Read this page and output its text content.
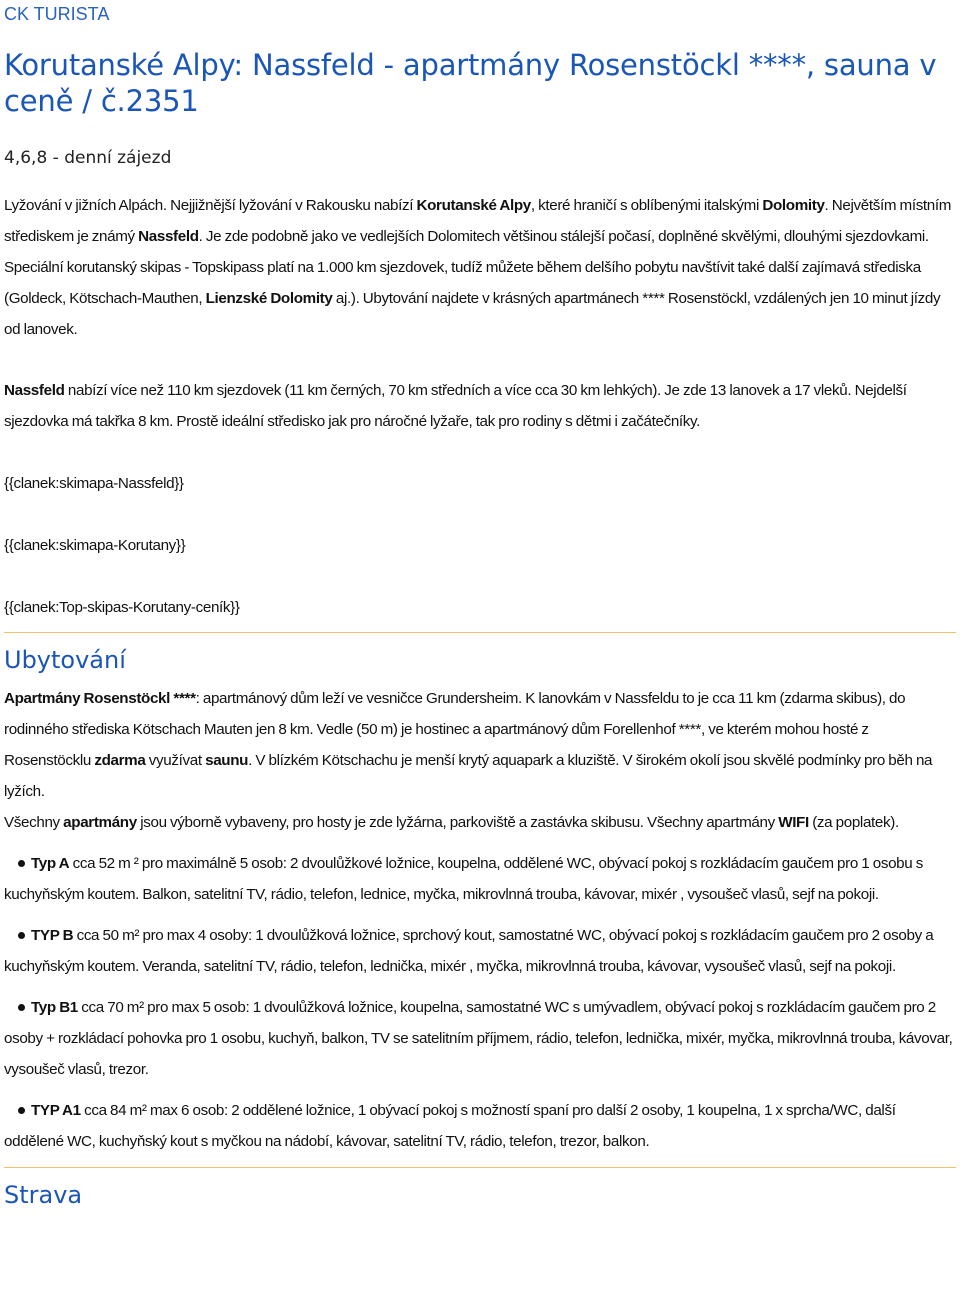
CK TURISTA
Korutanské Alpy: Nassfeld - apartmány Rosenstöckl ****, sauna v ceně / č.2351
4,6,8 - denní zájezd

Lyžování v jižních Alpách. Nejjižnější lyžování v Rakousku nabízí Korutanské Alpy, které hraničí s oblíbenými italskými Dolomity. Největším místním střediskem je známý Nassfeld. Je zde podobně jako ve vedlejších Dolomitech většinou stálejší počasí, doplněné skvělými, dlouhými sjezdovkami. Speciální korutanský skipas - Topskipass platí na 1.000 km sjezdovek, tudíž můžete během delšího pobytu navštívit také další zajímavá střediska (Goldeck, Kötschach-Mauthen, Lienzské Dolomity aj.). Ubytování najdete v krásných apartmánech **** Rosenstöckl, vzdálených jen 10 minut jízdy od lanovek.

Nassfeld nabízí více než 110 km sjezdovek (11 km černých, 70 km středních a více cca 30 km lehkých). Je zde 13 lanovek a 17 vleků. Nejdelší sjezdovka má takřka 8 km. Prostě ideální středisko jak pro náročné lyžaře, tak pro rodiny s dětmi i začátečníky.

{{clanek:skimapa-Nassfeld}}
{{clanek:skimapa-Korutany}}
{{clanek:Top-skipas-Korutany-ceník}}
Ubytování

Apartmány Rosenstöckl ****: apartmánový dům leží ve vesničce Grundersheim. K lanovkám v Nassfeldu to je cca 11 km (zdarma skibus), do rodinného střediska Kötschach Mauten jen 8 km. Vedle (50 m) je hostinec a apartmánový dům Forellenhof ****, ve kterém mohou hosté z Rosenstöcklu zdarma využívat saunu. V blízkém Kötschachu je menší krytý aquapark a kluziště. V širokém okolí jsou skvělé podmínky pro běh na lyžích.

Všechny apartmány jsou výborně vybaveny, pro hosty je zde lyžárna, parkoviště a zastávka skibusu. Všechny apartmány WIFI (za poplatek).

Typ A cca 52 m ² pro maximálně 5 osob: 2 dvoulůžkové ložnice, koupelna, oddělené WC, obývací pokoj s rozkládacím gaučem pro 1 osobu s kuchyňským koutem. Balkon, satelitní TV, rádio, telefon, lednice, myčka, mikrovlnná trouba, kávovar, mixér , vysoušeč vlasů, sejf na pokoji.
TYP B cca 50 m² pro max 4 osoby: 1 dvoulůžková ložnice, sprchový kout, samostatné WC, obývací pokoj s rozkládacím gaučem pro 2 osoby a kuchyňským koutem. Veranda, satelitní TV, rádio, telefon, lednička, mixér , myčka, mikrovlnná trouba, kávovar, vysoušeč vlasů, sejf na pokoji.
Typ B1 cca 70 m² pro max 5 osob: 1 dvoulůžková ložnice, koupelna, samostatné WC s umývadlem, obývací pokoj s rozkládacím gaučem pro 2 osoby + rozkládací pohovka pro 1 osobu, kuchyň, balkon, TV se satelitním příjmem, rádio, telefon, lednička, mixér, myčka, mikrovlnná trouba, kávovar, vysoušeč vlasů, trezor.
TYP A1 cca 84 m² max 6 osob: 2 oddělené ložnice, 1 obývací pokoj s možností spaní pro další 2 osoby, 1 koupelna, 1 x sprcha/WC, další oddělené WC, kuchyňský kout s myčkou na nádobí, kávovar, satelitní TV, rádio, telefon, trezor, balkon.
Strava
